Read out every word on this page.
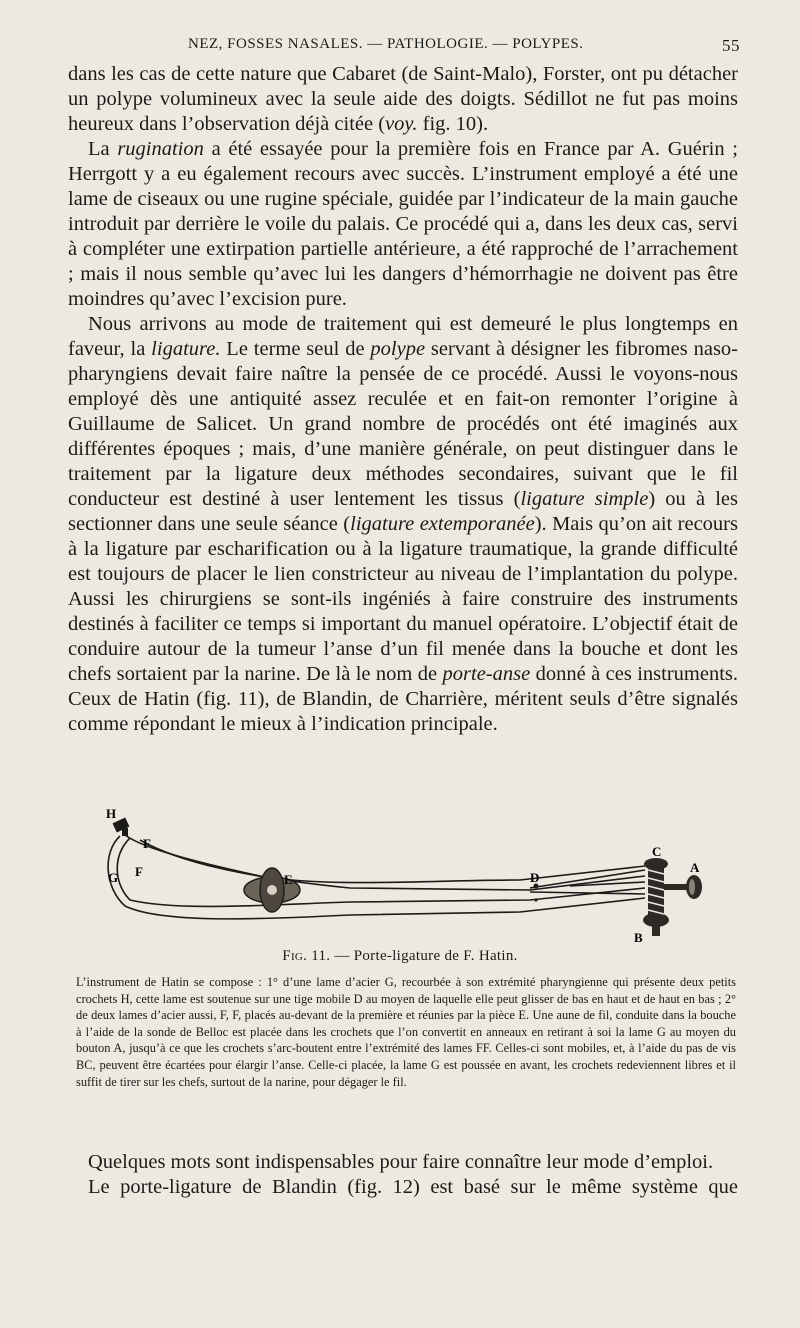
NEZ, FOSSES NASALES. — PATHOLOGIE. — POLYPES.	55

dans les cas de cette nature que Cabaret (de Saint-Malo), Forster, ont pu détacher un polype volumineux avec la seule aide des doigts. Sédillot ne fut pas moins heureux dans l’observation déjà citée (voy. fig. 10).

La rugination a été essayée pour la première fois en France par A. Guérin ; Herrgott y a eu également recours avec succès. L’instrument employé a été une lame de ciseaux ou une rugine spéciale, guidée par l’indicateur de la main gauche introduit par derrière le voile du palais. Ce procédé qui a, dans les deux cas, servi à compléter une extirpation partielle antérieure, a été rapproché de l’arrachement ; mais il nous semble qu’avec lui les dangers d’hémorrhagie ne doivent pas être moindres qu’avec l’excision pure.

Nous arrivons au mode de traitement qui est demeuré le plus longtemps en faveur, la ligature. Le terme seul de polype servant à désigner les fibromes naso-pharyngiens devait faire naître la pensée de ce procédé. Aussi le voyons-nous employé dès une antiquité assez reculée et en fait-on remonter l’origine à Guillaume de Salicet. Un grand nombre de procédés ont été imaginés aux différentes époques ; mais, d’une manière générale, on peut distinguer dans le traitement par la ligature deux méthodes secondaires, suivant que le fil conducteur est destiné à user lentement les tissus (ligature simple) ou à les sectionner dans une seule séance (ligature extemporanée). Mais qu’on ait recours à la ligature par escharification ou à la ligature traumatique, la grande difficulté est toujours de placer le lien constricteur au niveau de l’implantation du polype. Aussi les chirurgiens se sont-ils ingéniés à faire construire des instruments destinés à faciliter ce temps si important du manuel opératoire. L’objectif était de conduire autour de la tumeur l’anse d’un fil menée dans la bouche et dont les chefs sortaient par la narine. De là le nom de porte-anse donné à ces instruments. Ceux de Hatin (fig. 11), de Blandin, de Charrière, méritent seuls d’être signalés comme répondant le mieux à l’indication principale.

H
F
G F
E	D
C
A
B
Fig. 11. — Porte-ligature de F. Hatin.

L’instrument de Hatin se compose : 1° d’une lame d’acier G, recourbée à son extrémité pharyngienne qui présente deux petits crochets H, cette lame est soutenue sur une tige mobile D au moyen de laquelle elle peut glisser de bas en haut et de haut en bas ; 2° de deux lames d’acier aussi, F, F, placés au-devant de la première et réunies par la pièce E. Une aune de fil, conduite dans la bouche à l’aide de la sonde de Belloc est placée dans les crochets que l’on convertit en anneaux en retirant à soi la lame G au moyen du bouton A, jusqu’à ce que les crochets s’arc-boutent entre l’extrémité des lames FF. Celles-ci sont mobiles, et, à l’aide du pas de vis BC, peuvent être écartées pour élargir l’anse. Celle-ci placée, la lame G est poussée en avant, les crochets redeviennent libres et il suffit de tirer sur les chefs, surtout de la narine, pour dégager le fil.

Quelques mots sont indispensables pour faire connaître leur mode d’emploi.

Le porte-ligature de Blandin (fig. 12) est basé sur le même système que
